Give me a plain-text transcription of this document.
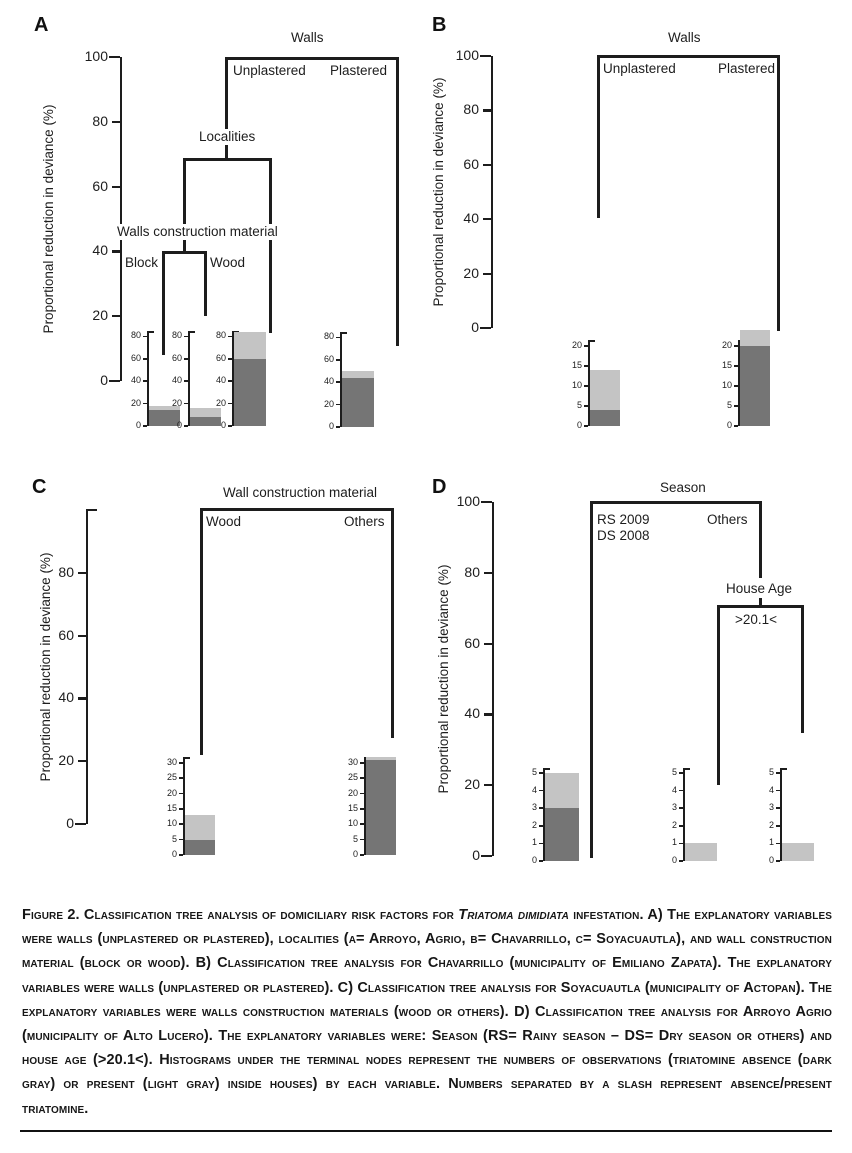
A	B
C	D
100
80
60
40
20
0
100
80
60
40
20
0
80
60
40
20
0
100
80
60
40
20
0
Proportional reduction in deviance (%)	Proportional reduction in deviance (%)
Proportional reduction in deviance (%)	Proportional reduction in deviance (%)
Walls
Unplastered Plastered
Localities
Walls construction material
Block	Wood
Walls
Unplastered	Plastered
Wall construction material
Wood	Others
Season
RS 2009
DS 2008
Others
House Age
>20.1<
0
20
40
60
80
0
20
40
60
80
0
20
40
60
80
0
20
40
60
80
0
5
10
15
20
0
5
10
15
20
0
5
10
15
20
25
30
0
5
10
15
20
25
30
0
1
2
3
4
5
0
1
2
3
4
5
0
1
2
3
4
5
Figure 2. Classification tree analysis of domiciliary risk factors for Triatoma dimidiata infestation. A) The explanatory variables were walls (unplastered or plastered), localities (a= Arroyo, Agrio, b= Chavarrillo, c= Soyacuautla), and wall construction material (block or wood). B) Classification tree analysis for Chavarrillo (municipality of Emiliano Zapata). The explanatory variables were walls (unplastered or plastered). C) Classification tree analysis for Soyacuautla (municipality of Actopan). The explanatory variables were walls construction materials (wood or others). D) Classification tree analysis for Arroyo Agrio (municipality of Alto Lucero). The explanatory variables were: Season (RS= Rainy season – DS= Dry season or others) and house age (>20.1<). Histograms under the terminal nodes represent the numbers of observations (triatomine absence (dark gray) or present (light gray) inside houses) by each variable. Numbers separated by a slash represent absence/present triatomine.
